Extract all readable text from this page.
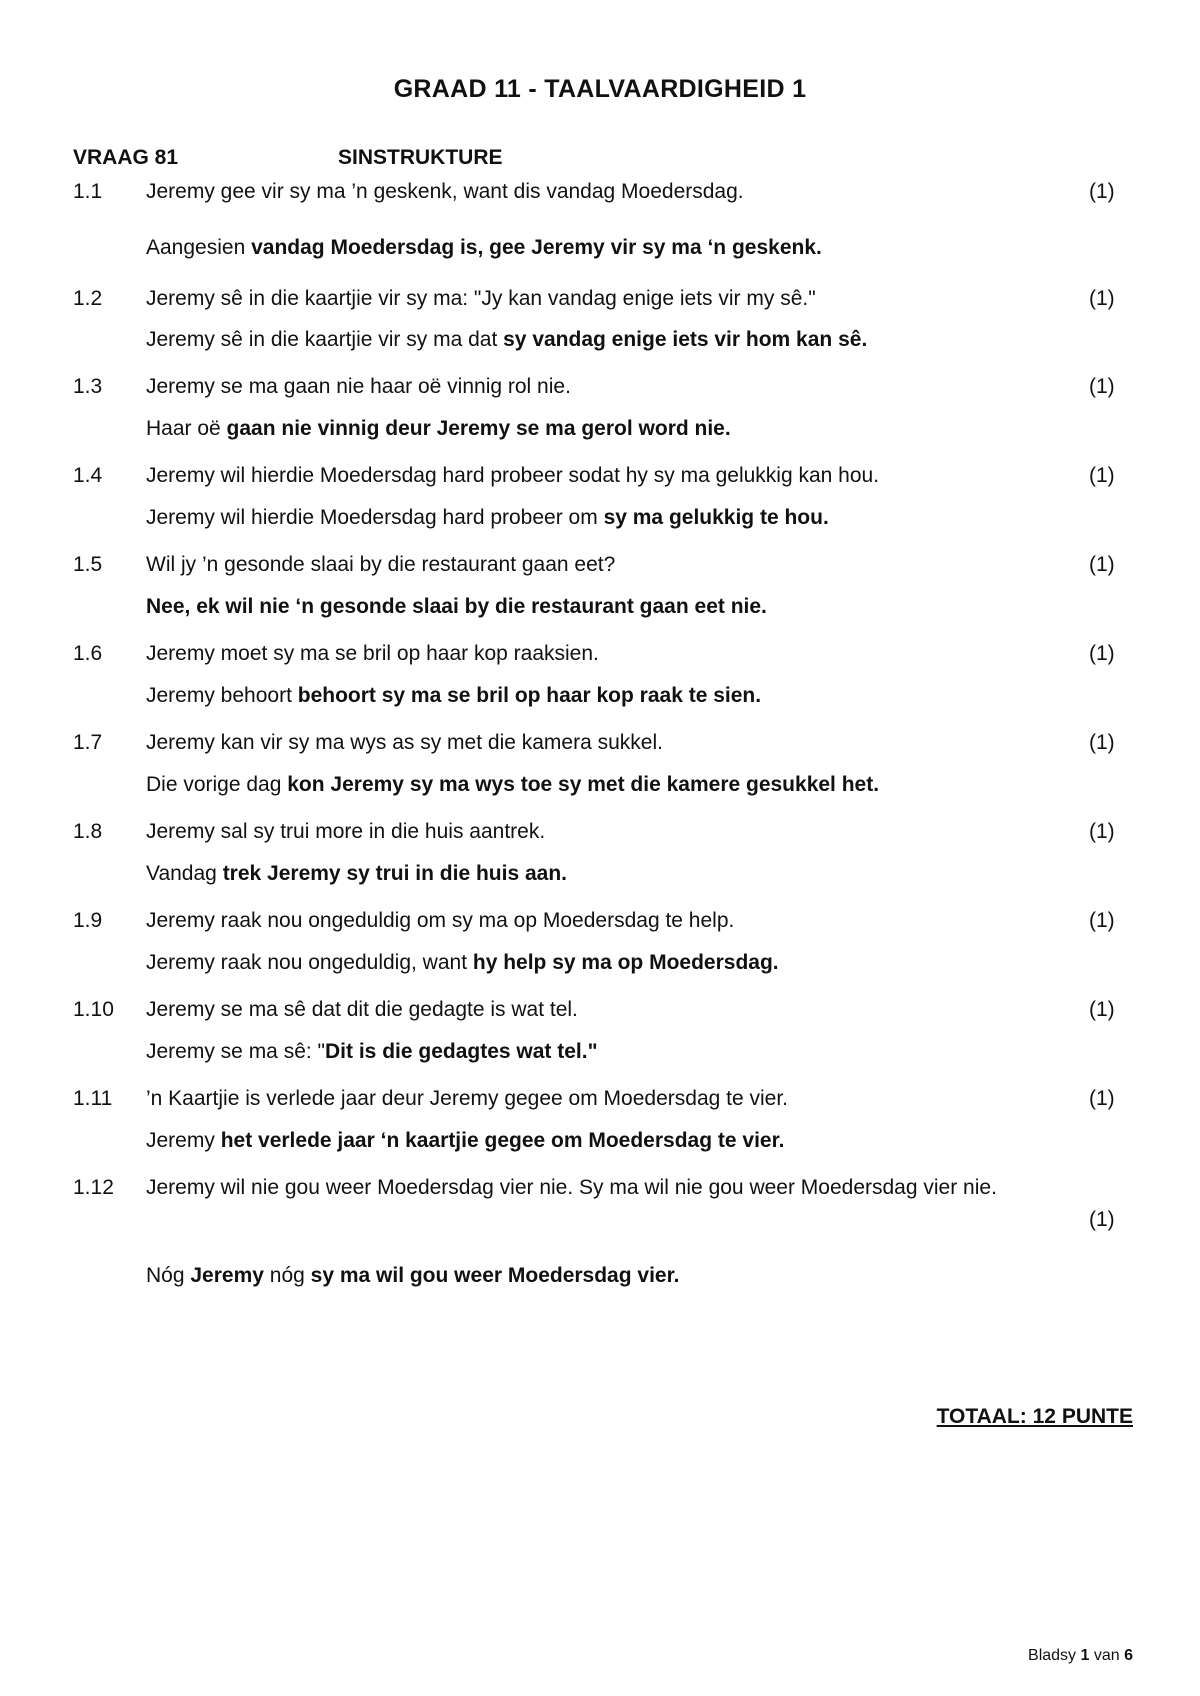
GRAAD 11 - TAALVAARDIGHEID 1
VRAAG 81	SINSTRUKTURE
1.1 Jeremy gee vir sy ma ’n geskenk, want dis vandag Moedersdag.	(1)
Aangesien vandag Moedersdag is, gee Jeremy vir sy ma ‘n geskenk.
1.2 Jeremy sê in die kaartjie vir sy ma: "Jy kan vandag enige iets vir my sê."	(1)
Jeremy sê in die kaartjie vir sy ma dat sy vandag enige iets vir hom kan sê.
1.3 Jeremy se ma gaan nie haar oë vinnig rol nie.	(1)
Haar oë gaan nie vinnig deur Jeremy se ma gerol word nie.
1.4 Jeremy wil hierdie Moedersdag hard probeer sodat hy sy ma gelukkig kan hou.	(1)
Jeremy wil hierdie Moedersdag hard probeer om sy ma gelukkig te hou.
1.5 Wil jy ’n gesonde slaai by die restaurant gaan eet?	(1)
Nee, ek wil nie ‘n gesonde slaai by die restaurant gaan eet nie.
1.6 Jeremy moet sy ma se bril op haar kop raaksien.	(1)
Jeremy behoort behoort sy ma se bril op haar kop raak te sien.
1.7 Jeremy kan vir sy ma wys as sy met die kamera sukkel.	(1)
Die vorige dag kon Jeremy sy ma wys toe sy met die kamere gesukkel het.
1.8 Jeremy sal sy trui more in die huis aantrek.	(1)
Vandag trek Jeremy sy trui in die huis aan.
1.9 Jeremy raak nou ongeduldig om sy ma op Moedersdag te help.	(1)
Jeremy raak nou ongeduldig, want hy help sy ma op Moedersdag.
1.10 Jeremy se ma sê dat dit die gedagte is wat tel.	(1)
Jeremy se ma sê: "Dit is die gedagtes wat tel."
1.11 ’n Kaartjie is verlede jaar deur Jeremy gegee om Moedersdag te vier.	(1)
Jeremy het verlede jaar ‘n kaartjie gegee om Moedersdag te vier.
1.12 Jeremy wil nie gou weer Moedersdag vier nie. Sy ma wil nie gou weer Moedersdag vier nie.
(1)
Nóg Jeremy nóg sy ma wil gou weer Moedersdag vier.
TOTAAL: 12 PUNTE
Bladsy 1 van 6
